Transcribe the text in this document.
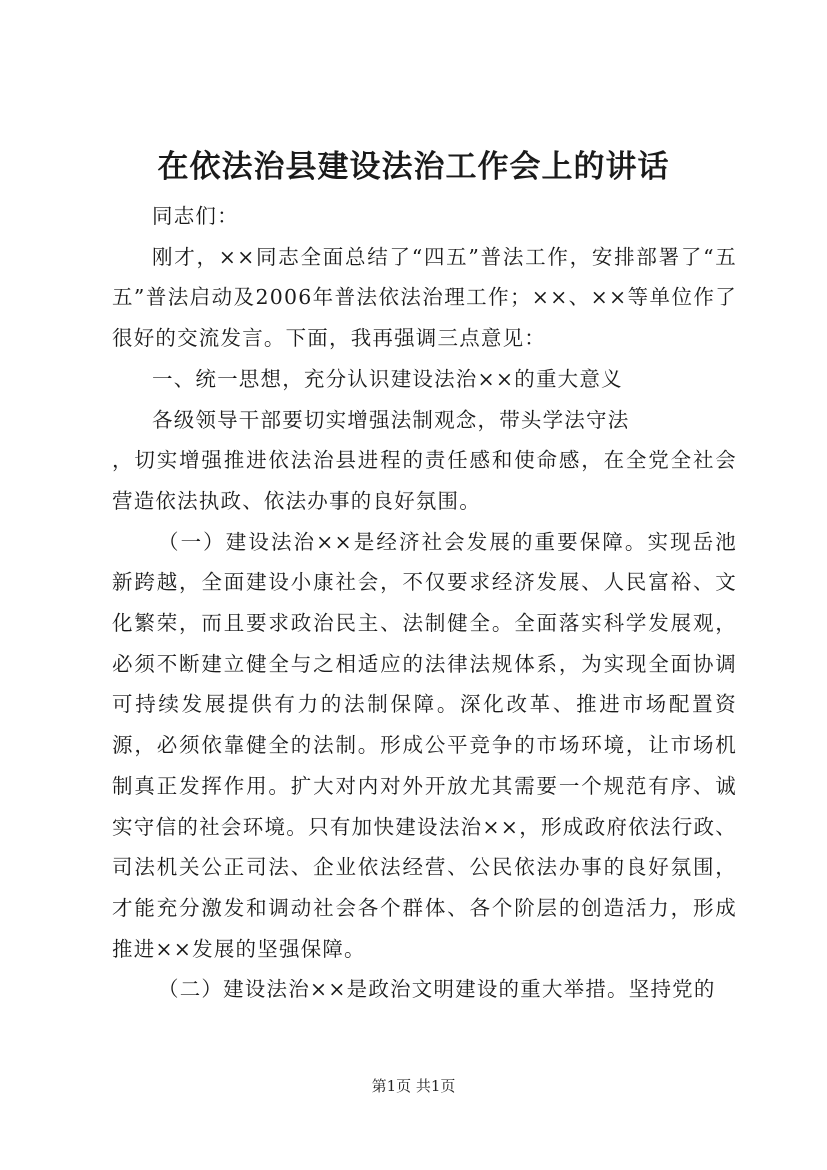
在依法治县建设法治工作会上的讲话

同志们：

刚才，××同志全面总结了“四五”普法工作，安排部署了“五五”普法启动及2006年普法依法治理工作；××、××等单位作了很好的交流发言。下面，我再强调三点意见：

一、统一思想，充分认识建设法治××的重大意义

各级领导干部要切实增强法制观念，带头学法守法

，切实增强推进依法治县进程的责任感和使命感，在全党全社会营造依法执政、依法办事的良好氛围。

（一）建设法治××是经济社会发展的重要保障。实现岳池新跨越，全面建设小康社会，不仅要求经济发展、人民富裕、文化繁荣，而且要求政治民主、法制健全。全面落实科学发展观，必须不断建立健全与之相适应的法律法规体系，为实现全面协调可持续发展提供有力的法制保障。深化改革、推进市场配置资源，必须依靠健全的法制。形成公平竞争的市场环境，让市场机制真正发挥作用。扩大对内对外开放尤其需要一个规范有序、诚实守信的社会环境。只有加快建设法治××，形成政府依法行政、司法机关公正司法、企业依法经营、公民依法办事的良好氛围，才能充分激发和调动社会各个群体、各个阶层的创造活力，形成推进××发展的坚强保障。

（二）建设法治××是政治文明建设的重大举措。坚持党的

第1页 共1页
